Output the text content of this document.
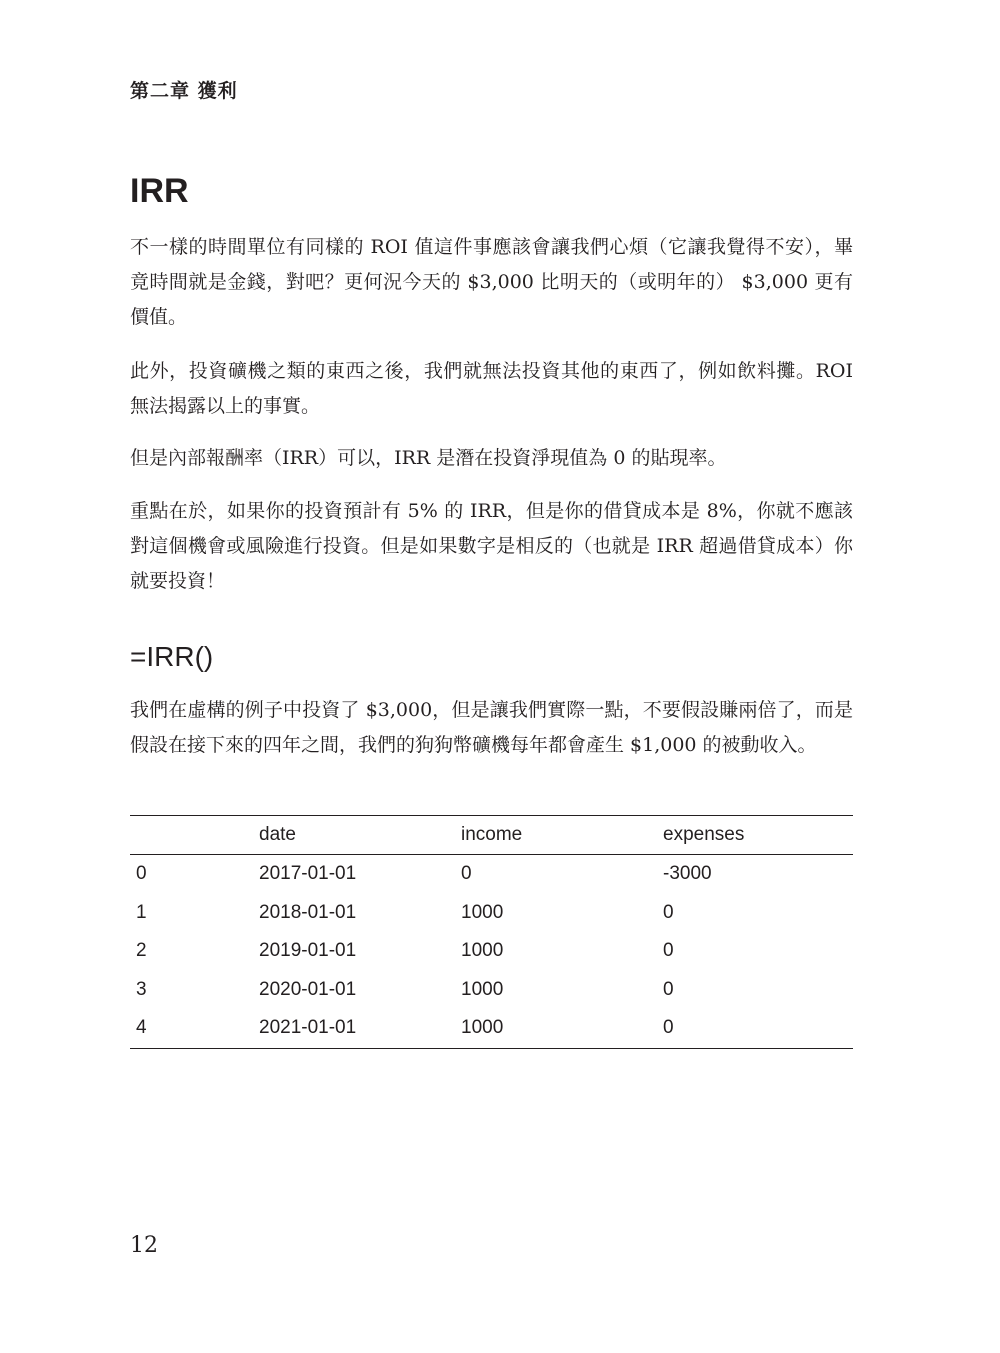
第二章 獲利
IRR

不一樣的時間單位有同樣的 ROI 值這件事應該會讓我們心煩（它讓我覺得不安），畢竟時間就是金錢，對吧？更何況今天的 $3,000 比明天的（或明年的） $3,000 更有價值。

此外，投資礦機之類的東西之後，我們就無法投資其他的東西了，例如飲料攤。ROI 無法揭露以上的事實。

但是內部報酬率（IRR）可以，IRR 是潛在投資淨現值為 0 的貼現率。

重點在於，如果你的投資預計有 5% 的 IRR，但是你的借貸成本是 8%，你就不應該對這個機會或風險進行投資。但是如果數字是相反的（也就是 IRR 超過借貸成本）你就要投資！

=IRR()

我們在虛構的例子中投資了 $3,000，但是讓我們實際一點，不要假設賺兩倍了，而是假設在接下來的四年之間，我們的狗狗幣礦機每年都會產生 $1,000 的被動收入。

	date	income	expenses
0	2017-01-01	0	-3000
1	2018-01-01	1000	0
2	2019-01-01	1000	0
3	2020-01-01	1000	0
4	2021-01-01	1000	0
12
